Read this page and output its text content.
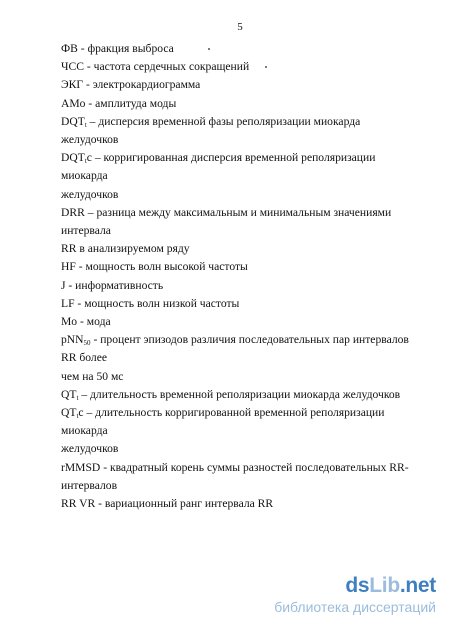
5

ФВ - фракция выброса

ЧСС - частота сердечных сокращений

ЭКГ - электрокардиограмма

AMo - амплитуда моды

$DQT_t$ – дисперсия временной фазы реполяризации миокарда желудочков

$DQT_tc$ – корригированная дисперсия временной реполяризации миокарда
желудочков

DRR – разница между максимальным и минимальным значениями интервала
RR в анализируемом ряду

HF - мощность волн высокой частоты

J - информативность

LF - мощность волн низкой частоты

Mo - мода

pNN$_{50}$ - процент эпизодов различия последовательных пар интервалов RR более
чем на 50 мс

$QT_t$ – длительность временной реполяризации миокарда желудочков

$QT_tc$ – длительность корригированной временной реполяризации миокарда
желудочков

rMMSD - квадратный корень суммы разностей последовательных RR-
интервалов

RR VR - вариационный ранг интервала RR

dsLib.net
библиотека диссертаций
